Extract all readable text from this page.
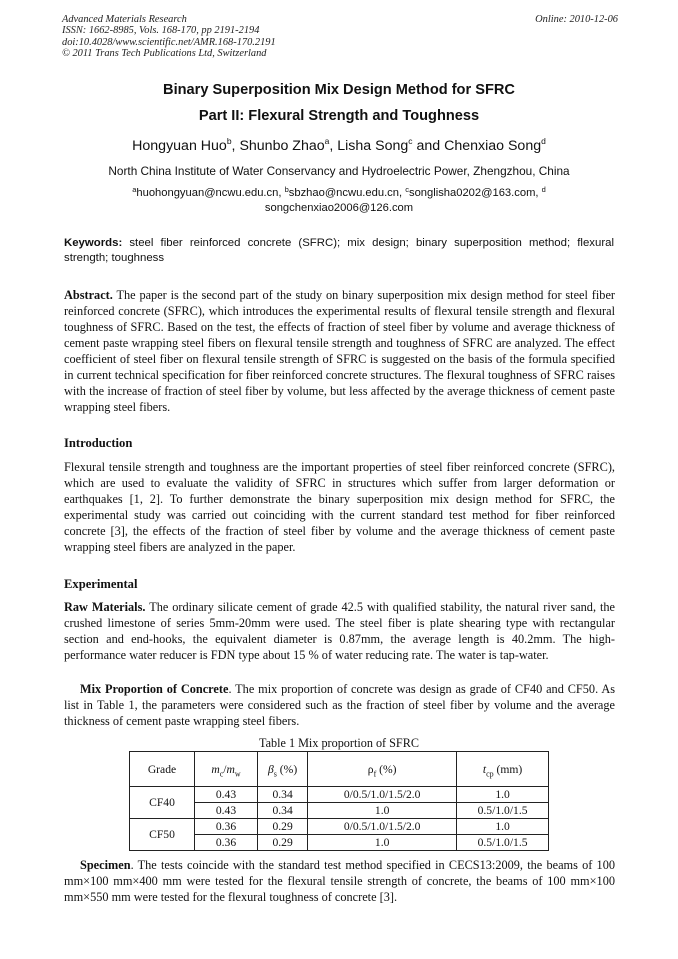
Advanced Materials Research
ISSN: 1662-8985, Vols. 168-170, pp 2191-2194
doi:10.4028/www.scientific.net/AMR.168-170.2191
© 2011 Trans Tech Publications Ltd, Switzerland
Online: 2010-12-06
Binary Superposition Mix Design Method for SFRC
Part II: Flexural Strength and Toughness
Hongyuan Huo$^b$, Shunbo Zhao$^a$, Lisha Song$^c$ and Chenxiao Song$^d$
North China Institute of Water Conservancy and Hydroelectric Power, Zhengzhou, China
$^a$huohongyuan@ncwu.edu.cn, $^b$sbzhao@ncwu.edu.cn, $^c$songlisha0202@163.com, $^d$
songchenxiao2006@126.com
Keywords: steel fiber reinforced concrete (SFRC); mix design; binary superposition method; flexural strength; toughness
Abstract. The paper is the second part of the study on binary superposition mix design method for steel fiber reinforced concrete (SFRC), which introduces the experimental results of flexural tensile strength and flexural toughness of SFRC. Based on the test, the effects of fraction of steel fiber by volume and average thickness of cement paste wrapping steel fibers on flexural tensile strength and toughness of SFRC are analyzed. The effect coefficient of steel fiber on flexural tensile strength of SFRC is suggested on the basis of the formula specified in current technical specification for fiber reinforced concrete structures. The flexural toughness of SFRC raises with the increase of fraction of steel fiber by volume, but less affected by the average thickness of cement paste wrapping steel fibers.
Introduction
Flexural tensile strength and toughness are the important properties of steel fiber reinforced concrete (SFRC), which are used to evaluate the validity of SFRC in structures which suffer from larger deformation or earthquakes [1, 2]. To further demonstrate the binary superposition mix design method for SFRC, the experimental study was carried out coinciding with the current standard test method for fiber reinforced concrete [3], the effects of the fraction of steel fiber by volume and the average thickness of cement paste wrapping steel fibers are analyzed in the paper.
Experimental
Raw Materials. The ordinary silicate cement of grade 42.5 with qualified stability, the natural river sand, the crushed limestone of series 5mm-20mm were used. The steel fiber is plate shearing type with rectangular section and end-hooks, the equivalent diameter is 0.87mm, the average length is 40.2mm. The high-performance water reducer is FDN type about 15 % of water reducing rate. The water is tap-water.
Mix Proportion of Concrete. The mix proportion of concrete was design as grade of CF40 and CF50. As list in Table 1, the parameters were considered such as the fraction of steel fiber by volume and the average thickness of cement paste wrapping steel fibers.
Table 1 Mix proportion of SFRC
Grade	$m_c/m_w$	$\beta_s$ (%)	$\rho_f$ (%)	$t_{cp}$ (mm)
CF40	0.43	0.34	0/0.5/1.0/1.5/2.0	1.0
	0.43	0.34	1.0	0.5/1.0/1.5
CF50	0.36	0.29	0/0.5/1.0/1.5/2.0	1.0
	0.36	0.29	1.0	0.5/1.0/1.5
Specimen. The tests coincide with the standard test method specified in CECS13:2009, the beams of 100 mm×100 mm×400 mm were tested for the flexural tensile strength of concrete, the beams of 100 mm×100 mm×550 mm were tested for the flexural toughness of concrete [3].
